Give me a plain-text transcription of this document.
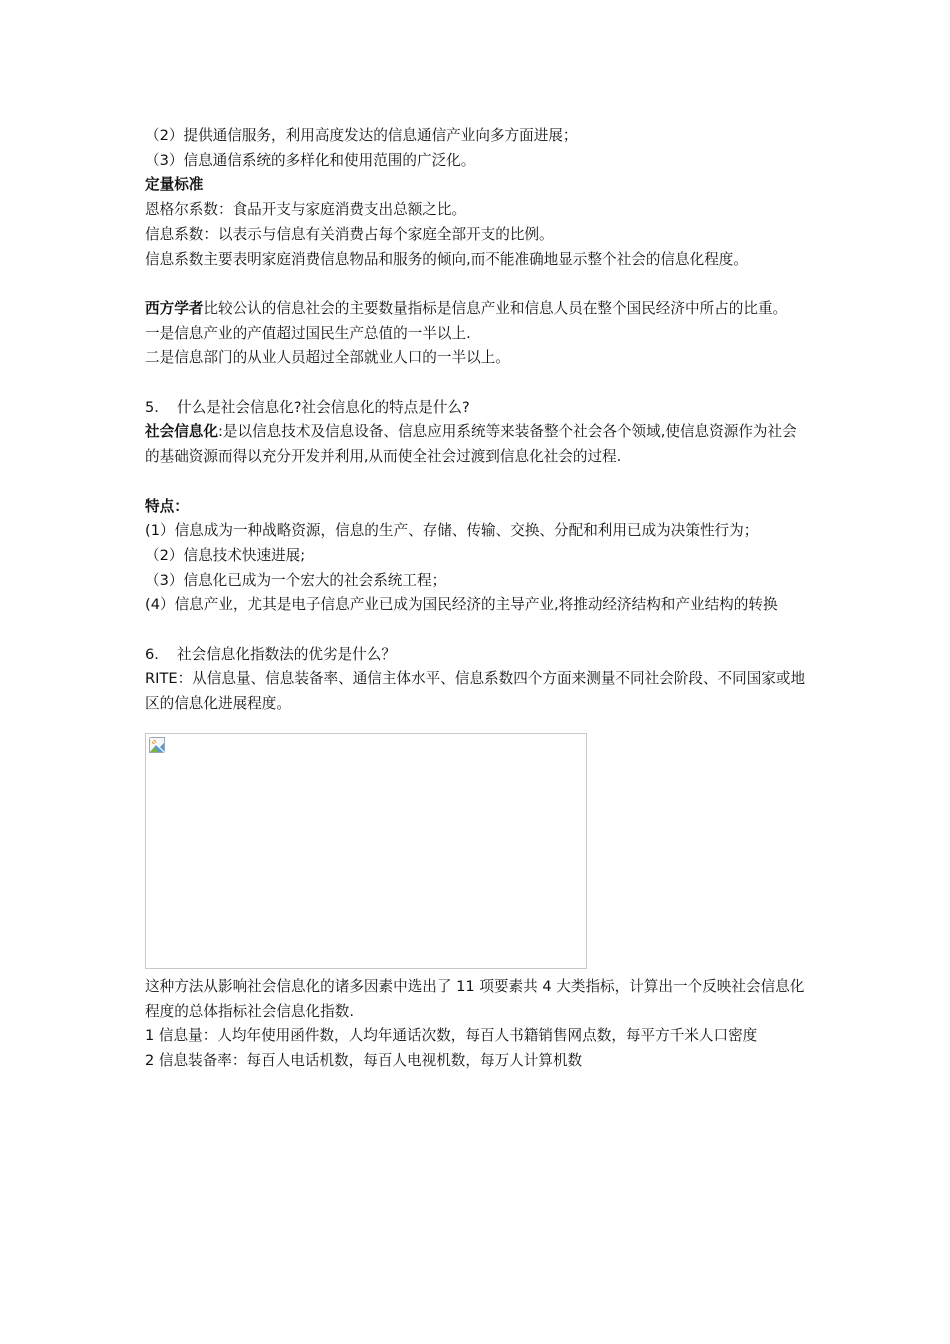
（2）提供通信服务，利用高度发达的信息通信产业向多方面进展；
（3）信息通信系统的多样化和使用范围的广泛化。
定量标准
恩格尔系数：食品开支与家庭消费支出总额之比。
信息系数：以表示与信息有关消费占每个家庭全部开支的比例。
信息系数主要表明家庭消费信息物品和服务的倾向,而不能准确地显示整个社会的信息化程度。
西方学者比较公认的信息社会的主要数量指标是信息产业和信息人员在整个国民经济中所占的比重。
一是信息产业的产值超过国民生产总值的一半以上.
二是信息部门的从业人员超过全部就业人口的一半以上。
5. 什么是社会信息化?社会信息化的特点是什么?
社会信息化:是以信息技术及信息设备、信息应用系统等来装备整个社会各个领域,使信息资源作为社会的基础资源而得以充分开发并利用,从而使全社会过渡到信息化社会的过程.
特点：
(1）信息成为一种战略资源，信息的生产、存储、传输、交换、分配和利用已成为决策性行为；
（2）信息技术快速进展;
（3）信息化已成为一个宏大的社会系统工程；
(4）信息产业，尤其是电子信息产业已成为国民经济的主导产业,将推动经济结构和产业结构的转换
6. 社会信息化指数法的优劣是什么？
RITE：从信息量、信息装备率、通信主体水平、信息系数四个方面来测量不同社会阶段、不同国家或地区的信息化进展程度。
这种方法从影响社会信息化的诸多因素中选出了 11 项要素共 4 大类指标，计算出一个反映社会信息化程度的总体指标社会信息化指数.
1 信息量：人均年使用函件数，人均年通话次数，每百人书籍销售网点数，每平方千米人口密度
2 信息装备率：每百人电话机数，每百人电视机数，每万人计算机数
